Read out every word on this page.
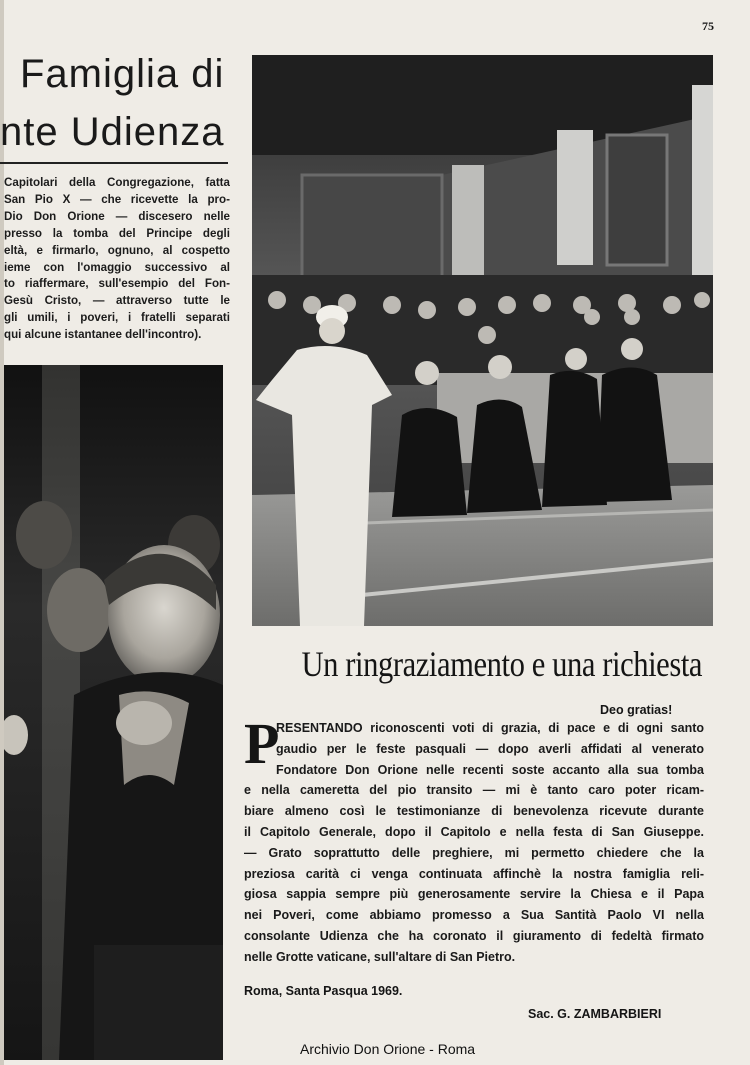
75
Famiglia di
nte Udienza
Capitolari della Congregazione, fatta
San Pio X — che ricevette la pro-
Dio Don Orione — discesero nelle
presso la tomba del Principe degli
eltà, e firmarlo, ognuno, al cospetto
ieme con l'omaggio successivo al
to riaffermare, sull'esempio del Fon-
Gesù Cristo, — attraverso tutte le
gli umili, i poveri, i fratelli separati
qui alcune istantanee dell'incontro).
Un ringraziamento e una richiesta
Deo gratias!
P
RESENTANDO riconoscenti voti di grazia, di pace e di ogni santo
gaudio per le feste pasquali — dopo averli affidati al venerato
Fondatore Don Orione nelle recenti soste accanto alla sua tomba
e nella cameretta del pio transito — mi è tanto caro poter ricam-
biare almeno così le testimonianze di benevolenza ricevute durante
il Capitolo Generale, dopo il Capitolo e nella festa di San Giuseppe.
— Grato soprattutto delle preghiere, mi permetto chiedere che la
preziosa carità ci venga continuata affinchè la nostra famiglia reli-
giosa sappia sempre più generosamente servire la Chiesa e il Papa
nei Poveri, come abbiamo promesso a Sua Santità Paolo VI nella
consolante Udienza che ha coronato il giuramento di fedeltà firmato
nelle Grotte vaticane, sull'altare di San Pietro.
Roma, Santa Pasqua 1969.
Sac. G. ZAMBARBIERI
Archivio Don Orione - Roma
